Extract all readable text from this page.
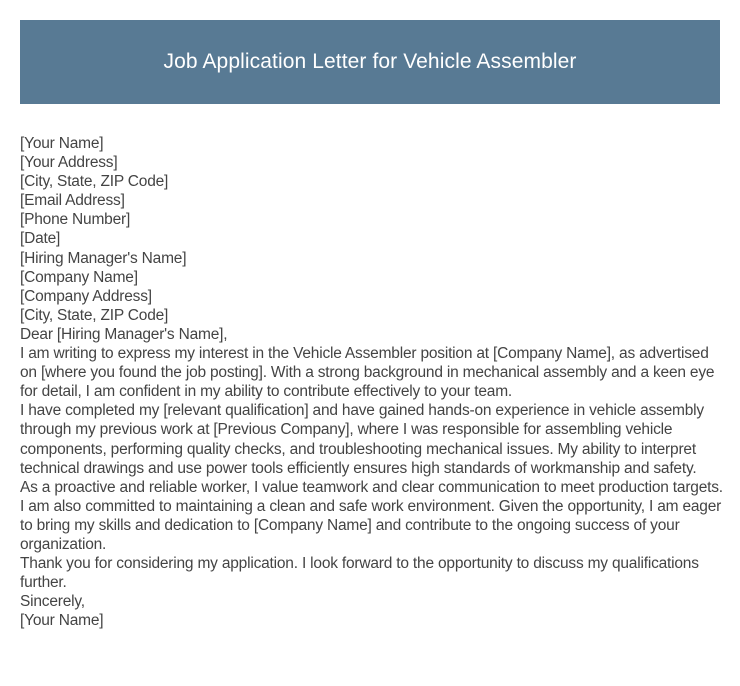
Job Application Letter for Vehicle Assembler
[Your Name]
[Your Address]
[City, State, ZIP Code]
[Email Address]
[Phone Number]
[Date]
[Hiring Manager's Name]
[Company Name]
[Company Address]
[City, State, ZIP Code]
Dear [Hiring Manager's Name],

I am writing to express my interest in the Vehicle Assembler position at [Company Name], as advertised on [where you found the job posting]. With a strong background in mechanical assembly and a keen eye for detail, I am confident in my ability to contribute effectively to your team.

I have completed my [relevant qualification] and have gained hands-on experience in vehicle assembly through my previous work at [Previous Company], where I was responsible for assembling vehicle components, performing quality checks, and troubleshooting mechanical issues. My ability to interpret technical drawings and use power tools efficiently ensures high standards of workmanship and safety.

As a proactive and reliable worker, I value teamwork and clear communication to meet production targets. I am also committed to maintaining a clean and safe work environment. Given the opportunity, I am eager to bring my skills and dedication to [Company Name] and contribute to the ongoing success of your organization.

Thank you for considering my application. I look forward to the opportunity to discuss my qualifications further.

Sincerely,
[Your Name]
